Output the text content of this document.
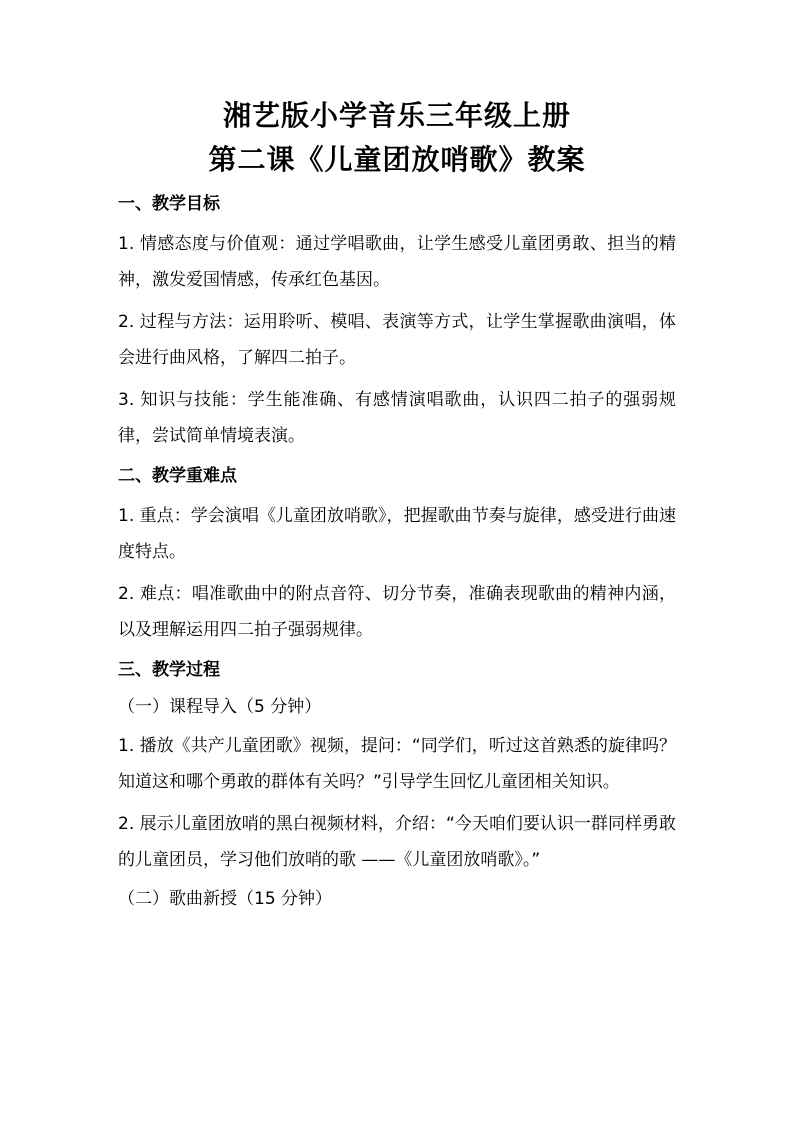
湘艺版小学音乐三年级上册
第二课《儿童团放哨歌》教案
一、教学目标

1. 情感态度与价值观：通过学唱歌曲，让学生感受儿童团勇敢、担当的精神，激发爱国情感，传承红色基因。

2. 过程与方法：运用聆听、模唱、表演等方式，让学生掌握歌曲演唱，体会进行曲风格，了解四二拍子。

3. 知识与技能：学生能准确、有感情演唱歌曲，认识四二拍子的强弱规律，尝试简单情境表演。

二、教学重难点

1. 重点：学会演唱《儿童团放哨歌》，把握歌曲节奏与旋律，感受进行曲速度特点。

2. 难点：唱准歌曲中的附点音符、切分节奏，准确表现歌曲的精神内涵，以及理解运用四二拍子强弱规律。

三、教学过程
（一）课程导入（5 分钟）

1. 播放《共产儿童团歌》视频，提问：“同学们，听过这首熟悉的旋律吗？知道这和哪个勇敢的群体有关吗？”引导学生回忆儿童团相关知识。

2. 展示儿童团放哨的黑白视频材料，介绍：“今天咱们要认识一群同样勇敢的儿童团员，学习他们放哨的歌 ——《儿童团放哨歌》。”

（二）歌曲新授（15 分钟）
